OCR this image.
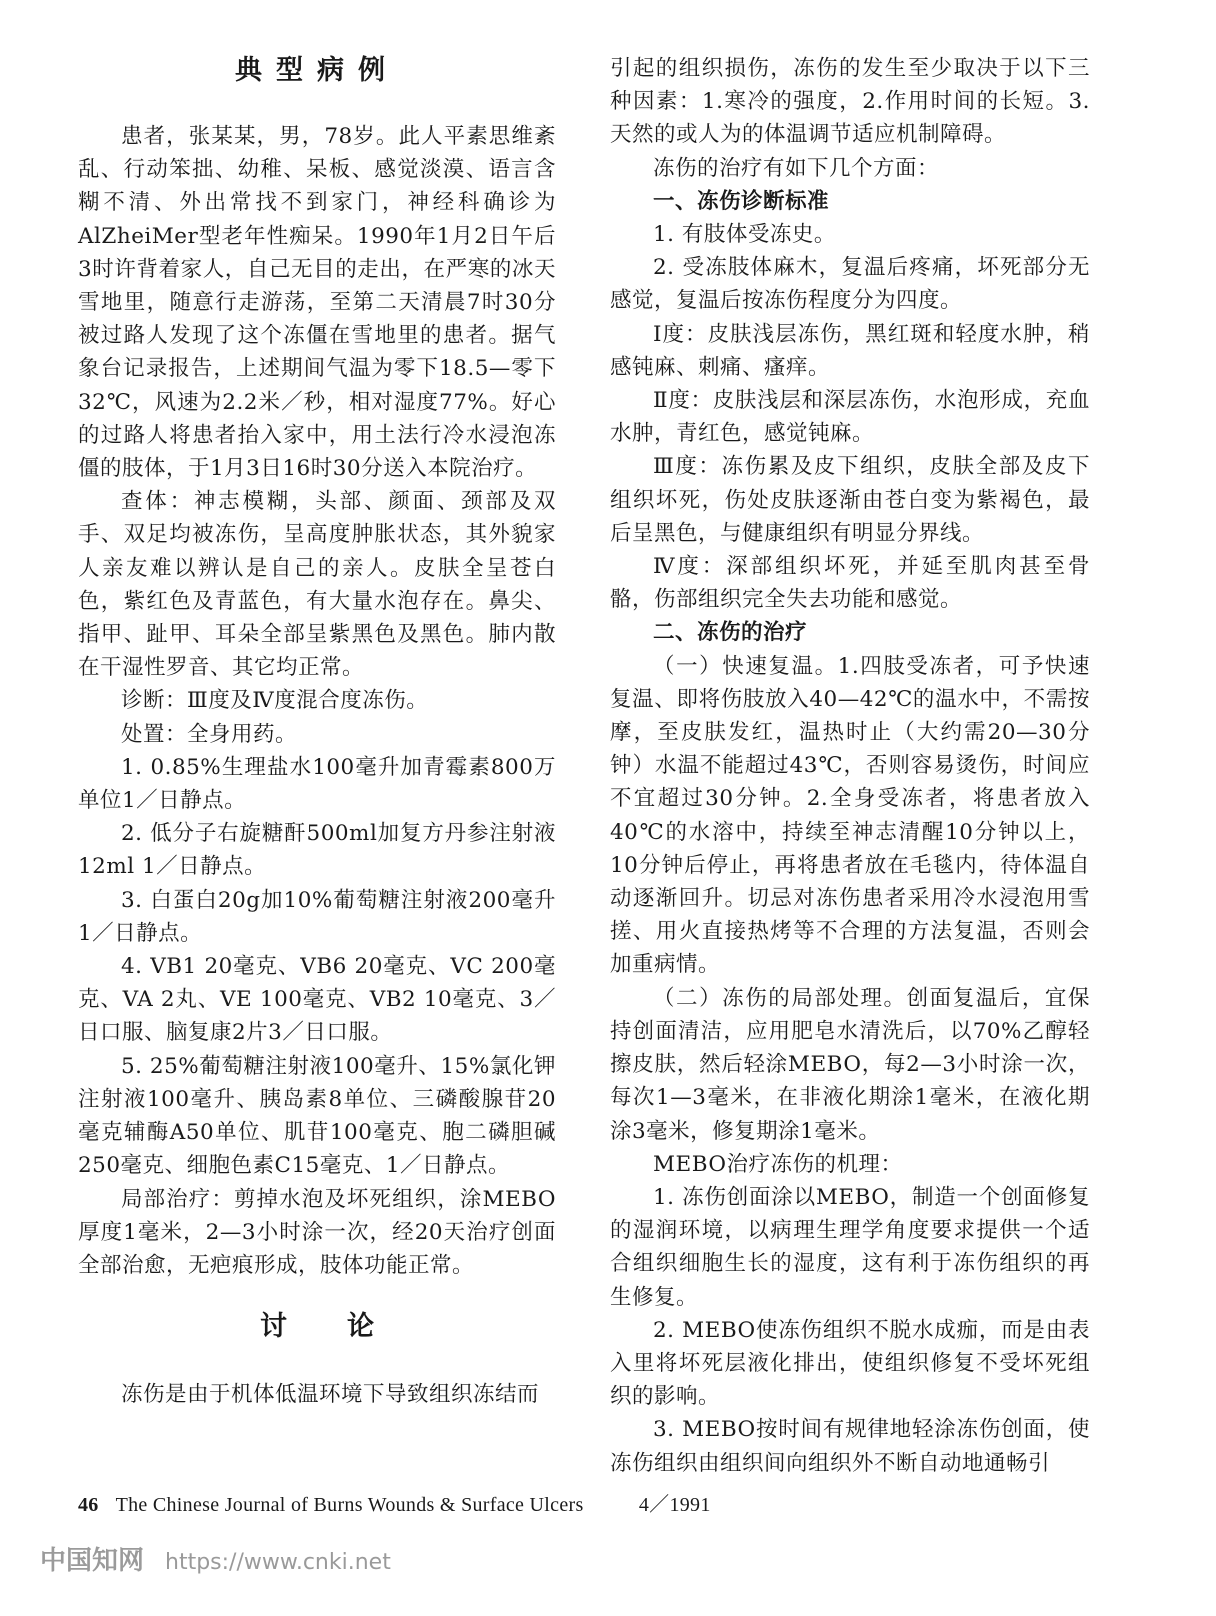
典型病例

患者，张某某，男，78岁。此人平素思维紊乱、行动笨拙、幼稚、呆板、感觉淡漠、语言含糊不清、外出常找不到家门，神经科确诊为AlZheiMer型老年性痴呆。1990年1月2日午后3时许背着家人，自己无目的走出，在严寒的冰天雪地里，随意行走游荡，至第二天清晨7时30分被过路人发现了这个冻僵在雪地里的患者。据气象台记录报告，上述期间气温为零下18.5—零下32℃，风速为2.2米／秒，相对湿度77%。好心的过路人将患者抬入家中，用土法行冷水浸泡冻僵的肢体，于1月3日16时30分送入本院治疗。

查体：神志模糊，头部、颜面、颈部及双手、双足均被冻伤，呈高度肿胀状态，其外貌家人亲友难以辨认是自己的亲人。皮肤全呈苍白色，紫红色及青蓝色，有大量水泡存在。鼻尖、指甲、趾甲、耳朵全部呈紫黑色及黑色。肺内散在干湿性罗音、其它均正常。

诊断：Ⅲ度及Ⅳ度混合度冻伤。

处置：全身用药。

1. 0.85%生理盐水100毫升加青霉素800万单位1／日静点。

2. 低分子右旋糖酐500ml加复方丹参注射液12ml 1／日静点。

3. 白蛋白20g加10%葡萄糖注射液200毫升1／日静点。

4. VB1 20毫克、VB6 20毫克、VC 200毫克、VA 2丸、VE 100毫克、VB2 10毫克、3／日口服、脑复康2片3／日口服。

5. 25%葡萄糖注射液100毫升、15%氯化钾注射液100毫升、胰岛素8单位、三磷酸腺苷20毫克辅酶A50单位、肌苷100毫克、胞二磷胆碱250毫克、细胞色素C15毫克、1／日静点。

局部治疗：剪掉水泡及坏死组织，涂MEBO厚度1毫米，2—3小时涂一次，经20天治疗创面全部治愈，无疤痕形成，肢体功能正常。

讨论

冻伤是由于机体低温环境下导致组织冻结而

引起的组织损伤，冻伤的发生至少取决于以下三种因素：1.寒冷的强度，2.作用时间的长短。3.天然的或人为的体温调节适应机制障碍。

冻伤的治疗有如下几个方面：

一、冻伤诊断标准

1. 有肢体受冻史。

2. 受冻肢体麻木，复温后疼痛，坏死部分无感觉，复温后按冻伤程度分为四度。

Ⅰ度：皮肤浅层冻伤，黑红斑和轻度水肿，稍感钝麻、刺痛、瘙痒。

Ⅱ度：皮肤浅层和深层冻伤，水泡形成，充血水肿，青红色，感觉钝麻。

Ⅲ度：冻伤累及皮下组织，皮肤全部及皮下组织坏死，伤处皮肤逐渐由苍白变为紫褐色，最后呈黑色，与健康组织有明显分界线。

Ⅳ度：深部组织坏死，并延至肌肉甚至骨骼，伤部组织完全失去功能和感觉。

二、冻伤的治疗

（一）快速复温。1.四肢受冻者，可予快速复温、即将伤肢放入40—42℃的温水中，不需按摩，至皮肤发红，温热时止（大约需20—30分钟）水温不能超过43℃，否则容易烫伤，时间应不宜超过30分钟。2.全身受冻者，将患者放入40℃的水溶中，持续至神志清醒10分钟以上，10分钟后停止，再将患者放在毛毯内，待体温自动逐渐回升。切忌对冻伤患者采用冷水浸泡用雪搓、用火直接热烤等不合理的方法复温，否则会加重病情。

（二）冻伤的局部处理。创面复温后，宜保持创面清洁，应用肥皂水清洗后，以70%乙醇轻擦皮肤，然后轻涂MEBO，每2—3小时涂一次，每次1—3毫米，在非液化期涂1毫米，在液化期涂3毫米，修复期涂1毫米。

MEBO治疗冻伤的机理：

1. 冻伤创面涂以MEBO，制造一个创面修复的湿润环境，以病理生理学角度要求提供一个适合组织细胞生长的湿度，这有利于冻伤组织的再生修复。

2. MEBO使冻伤组织不脱水成痂，而是由表入里将坏死层液化排出，使组织修复不受坏死组织的影响。

3. MEBO按时间有规律地轻涂冻伤创面，使冻伤组织由组织间向组织外不断自动地通畅引

46 The Chinese Journal of Burns Wounds & Surface Ulcers	4／1991
中国知网 https://www.cnki.net
